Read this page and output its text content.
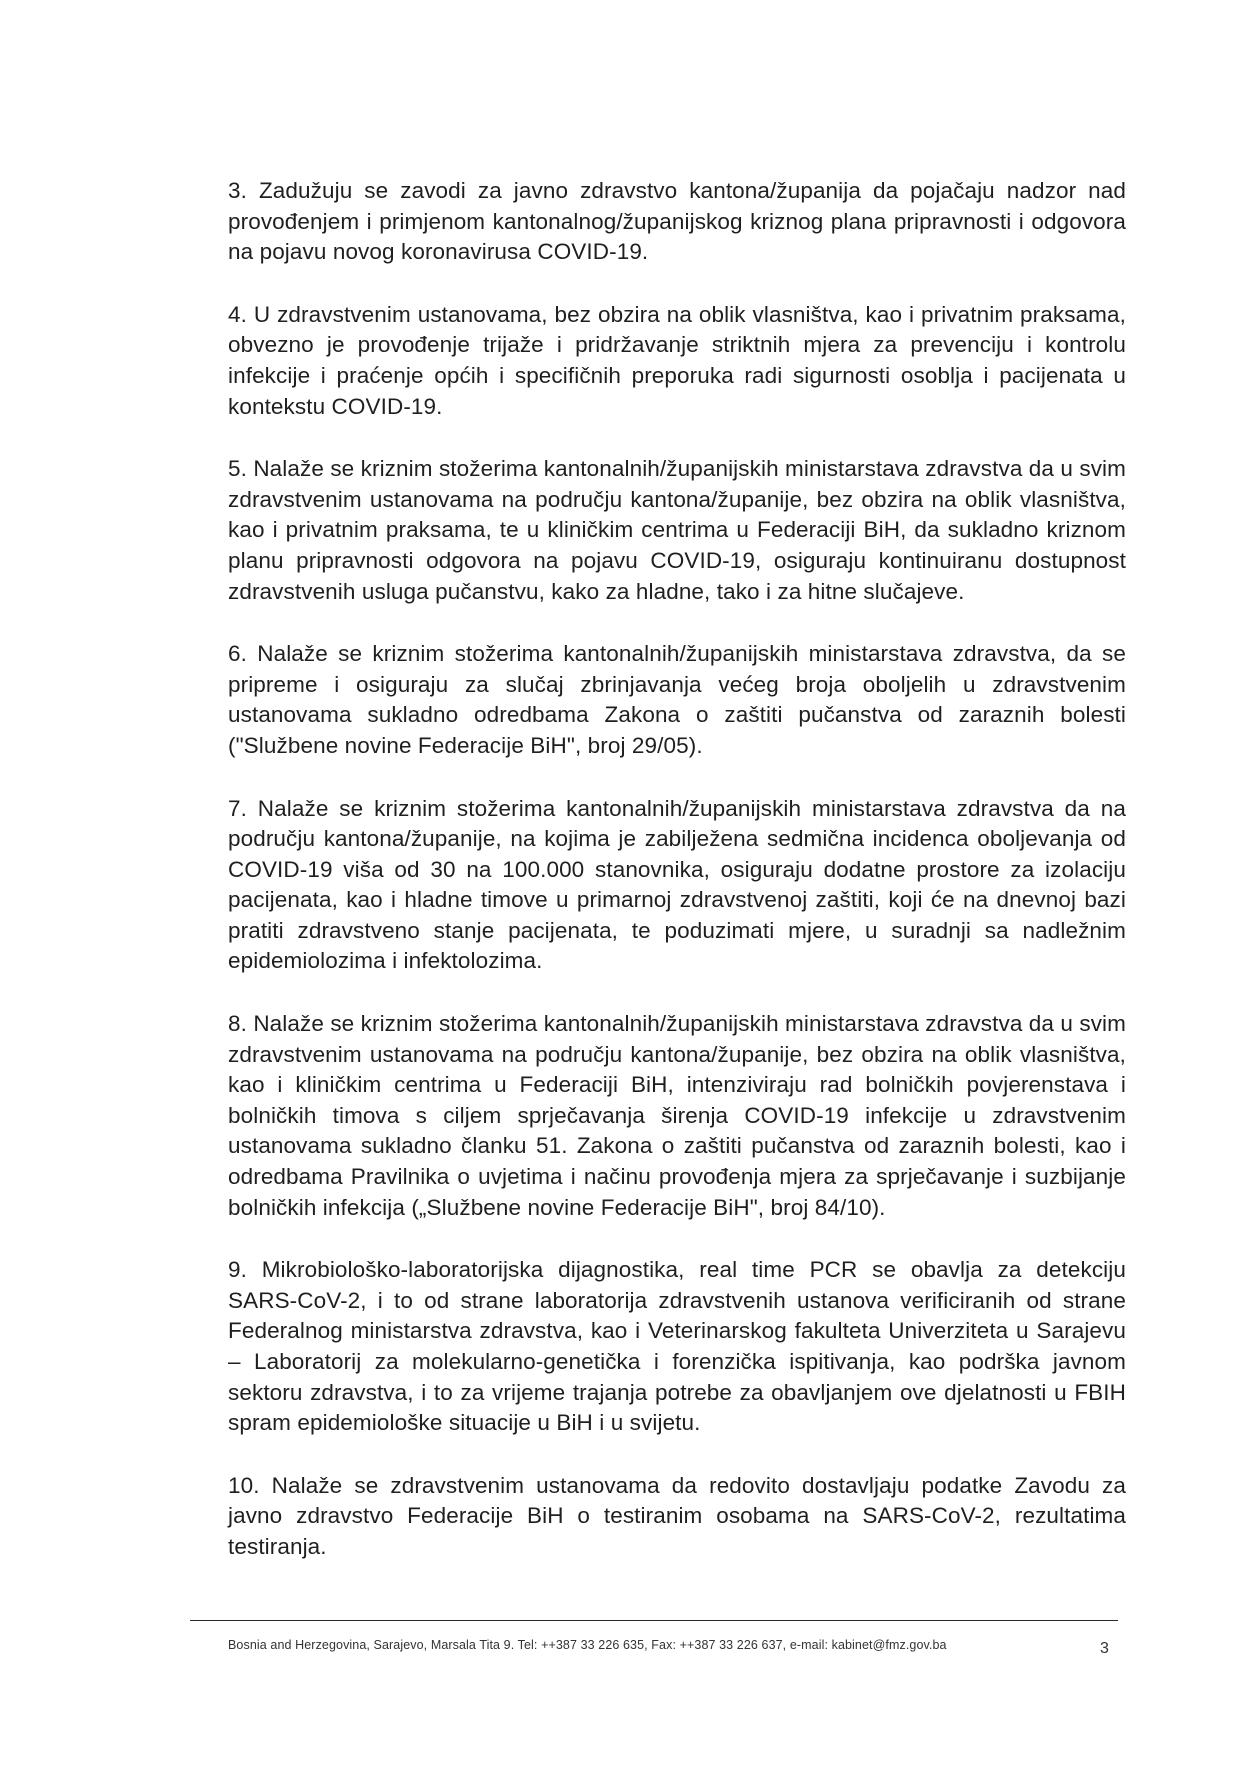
3. Zadužuju se zavodi za javno zdravstvo kantona/županija da pojačaju nadzor nad provođenjem i primjenom kantonalnog/županijskog kriznog plana pripravnosti i odgovora na pojavu novog koronavirusa COVID-19.

4. U zdravstvenim ustanovama, bez obzira na oblik vlasništva, kao i privatnim praksama, obvezno je provođenje trijaže i pridržavanje striktnih mjera za prevenciju i kontrolu infekcije i praćenje općih i specifičnih preporuka radi sigurnosti osoblja i pacijenata u kontekstu COVID-19.

5. Nalaže se kriznim stožerima kantonalnih/županijskih ministarstava zdravstva da u svim zdravstvenim ustanovama na području kantona/županije, bez obzira na oblik vlasništva, kao i privatnim praksama, te u kliničkim centrima u Federaciji BiH, da sukladno kriznom planu pripravnosti odgovora na pojavu COVID-19, osiguraju kontinuiranu dostupnost zdravstvenih usluga pučanstvu, kako za hladne, tako i za hitne slučajeve.

6. Nalaže se kriznim stožerima kantonalnih/županijskih ministarstava zdravstva, da se pripreme i osiguraju za slučaj zbrinjavanja većeg broja oboljelih u zdravstvenim ustanovama sukladno odredbama Zakona o zaštiti pučanstva od zaraznih bolesti ("Službene novine Federacije BiH", broj 29/05).

7. Nalaže se kriznim stožerima kantonalnih/županijskih ministarstava zdravstva da na području kantona/županije, na kojima je zabilježena sedmična incidenca oboljevanja od COVID-19 viša od 30 na 100.000 stanovnika, osiguraju dodatne prostore za izolaciju pacijenata, kao i hladne timove u primarnoj zdravstvenoj zaštiti, koji će na dnevnoj bazi pratiti zdravstveno stanje pacijenata, te poduzimati mjere, u suradnji sa nadležnim epidemiolozima i infektolozima.

8. Nalaže se kriznim stožerima kantonalnih/županijskih ministarstava zdravstva da u svim zdravstvenim ustanovama na području kantona/županije, bez obzira na oblik vlasništva, kao i kliničkim centrima u Federaciji BiH, intenziviraju rad bolničkih povjerenstava i bolničkih timova s ciljem sprječavanja širenja COVID-19 infekcije u zdravstvenim ustanovama sukladno članku 51. Zakona o zaštiti pučanstva od zaraznih bolesti, kao i odredbama Pravilnika o uvjetima i načinu provođenja mjera za sprječavanje i suzbijanje bolničkih infekcija („Službene novine Federacije BiH", broj 84/10).

9. Mikrobiološko-laboratorijska dijagnostika, real time PCR se obavlja za detekciju SARS-CoV-2, i to od strane laboratorija zdravstvenih ustanova verificiranih od strane Federalnog ministarstva zdravstva, kao i Veterinarskog fakulteta Univerziteta u Sarajevu – Laboratorij za molekularno-genetička i forenzička ispitivanja, kao podrška javnom sektoru zdravstva, i to za vrijeme trajanja potrebe za obavljanjem ove djelatnosti u FBIH spram epidemiološke situacije u BiH i u svijetu.

10. Nalaže se zdravstvenim ustanovama da redovito dostavljaju podatke Zavodu za javno zdravstvo Federacije BiH o testiranim osobama na SARS-CoV-2, rezultatima testiranja.

Bosnia and Herzegovina, Sarajevo, Marsala Tita 9. Tel: ++387 33 226 635, Fax: ++387 33 226 637, e-mail: kabinet@fmz.gov.ba	3
